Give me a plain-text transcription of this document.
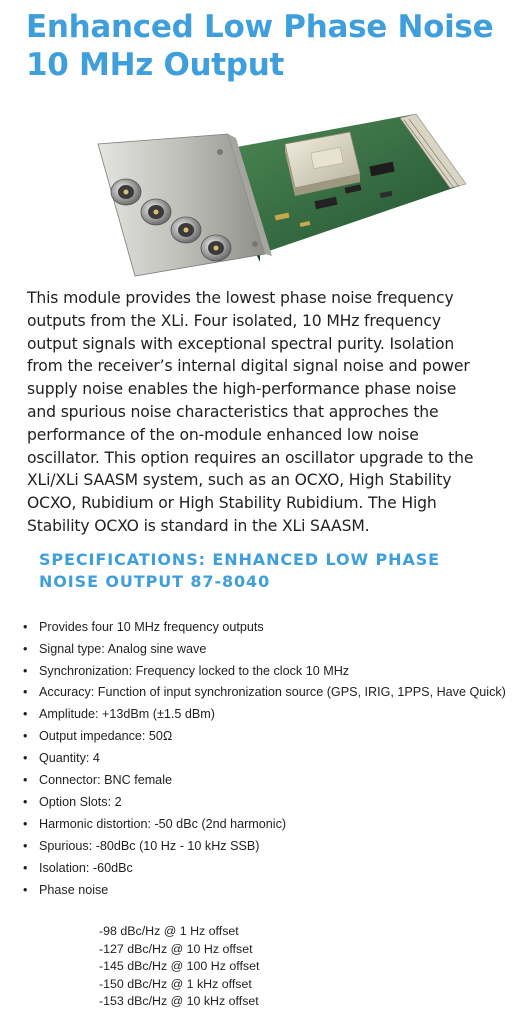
Enhanced Low Phase Noise
10 MHz Output
This module provides the lowest phase noise frequency
outputs from the XLi. Four isolated, 10 MHz frequency
output signals with exceptional spectral purity. Isolation
from the receiver’s internal digital signal noise and power
supply noise enables the high-performance phase noise
and spurious noise characteristics that approches the
performance of the on-module enhanced low noise
oscillator. This option requires an oscillator upgrade to the
XLi/XLi SAASM system, such as an OCXO, High Stability
OCXO, Rubidium or High Stability Rubidium. The High
Stability OCXO is standard in the XLi SAASM.
SPECIFICATIONS: ENHANCED LOW PHASE
NOISE OUTPUT 87-8040
• Provides four 10 MHz frequency outputs
• Signal type: Analog sine wave
• Synchronization: Frequency locked to the clock 10 MHz
• Accuracy: Function of input synchronization source (GPS, IRIG, 1PPS, Have Quick)
• Amplitude: +13dBm (±1.5 dBm)
• Output impedance: 50Ω
• Quantity: 4
• Connector: BNC female
• Option Slots: 2
• Harmonic distortion: -50 dBc (2nd harmonic)
• Spurious: -80dBc (10 Hz - 10 kHz SSB)
• Isolation: -60dBc
• Phase noise
-98 dBc/Hz @ 1 Hz offset
-127 dBc/Hz @ 10 Hz offset
-145 dBc/Hz @ 100 Hz offset
-150 dBc/Hz @ 1 kHz offset
-153 dBc/Hz @ 10 kHz offset
